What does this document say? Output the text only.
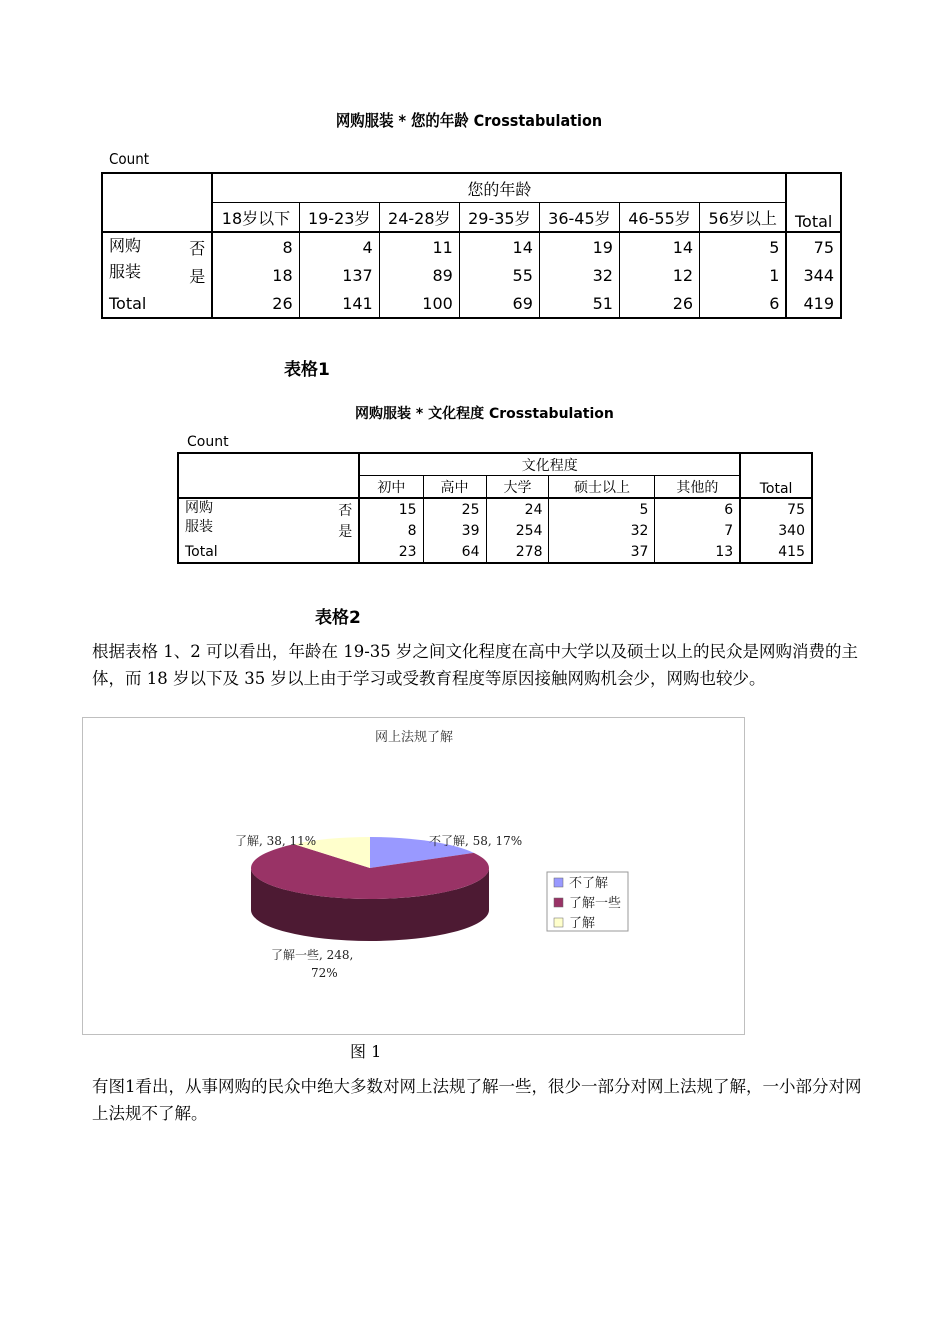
网购服装 * 您的年龄 Crosstabulation
Count
		您的年龄							Total
		18岁以下	19-23岁	24-28岁	29-35岁	36-45岁	46-55岁	56岁以上	

网购
服装	否	8	4	11	14	19	14	5	75
	是	18	137	89	55	32	12	1	344
Total		26	141	100	69	51	26	6	419
表格1
网购服装 * 文化程度 Crosstabulation
Count
		文化程度					Total
		初中	高中	大学	硕士以上	其他的	

网购
服装	否	15	25	24	5	6	75
	是	8	39	254	32	7	340
Total		23	64	278	37	13	415
表格2
根据表格 1、2 可以看出，年龄在 19-35 岁之间文化程度在高中大学以及硕士以上的民众是网购消费的主体，而 18 岁以下及 35 岁以上由于学习或受教育程度等原因接触网购机会少，网购也较少。
网上法规了解
不了解, 58, 17%
了解, 38, 11%
了解一些, 248,
72%
不了解
了解一些
了解
图 1
有图1看出，从事网购的民众中绝大多数对网上法规了解一些，很少一部分对网上法规了解，一小部分对网上法规不了解。
